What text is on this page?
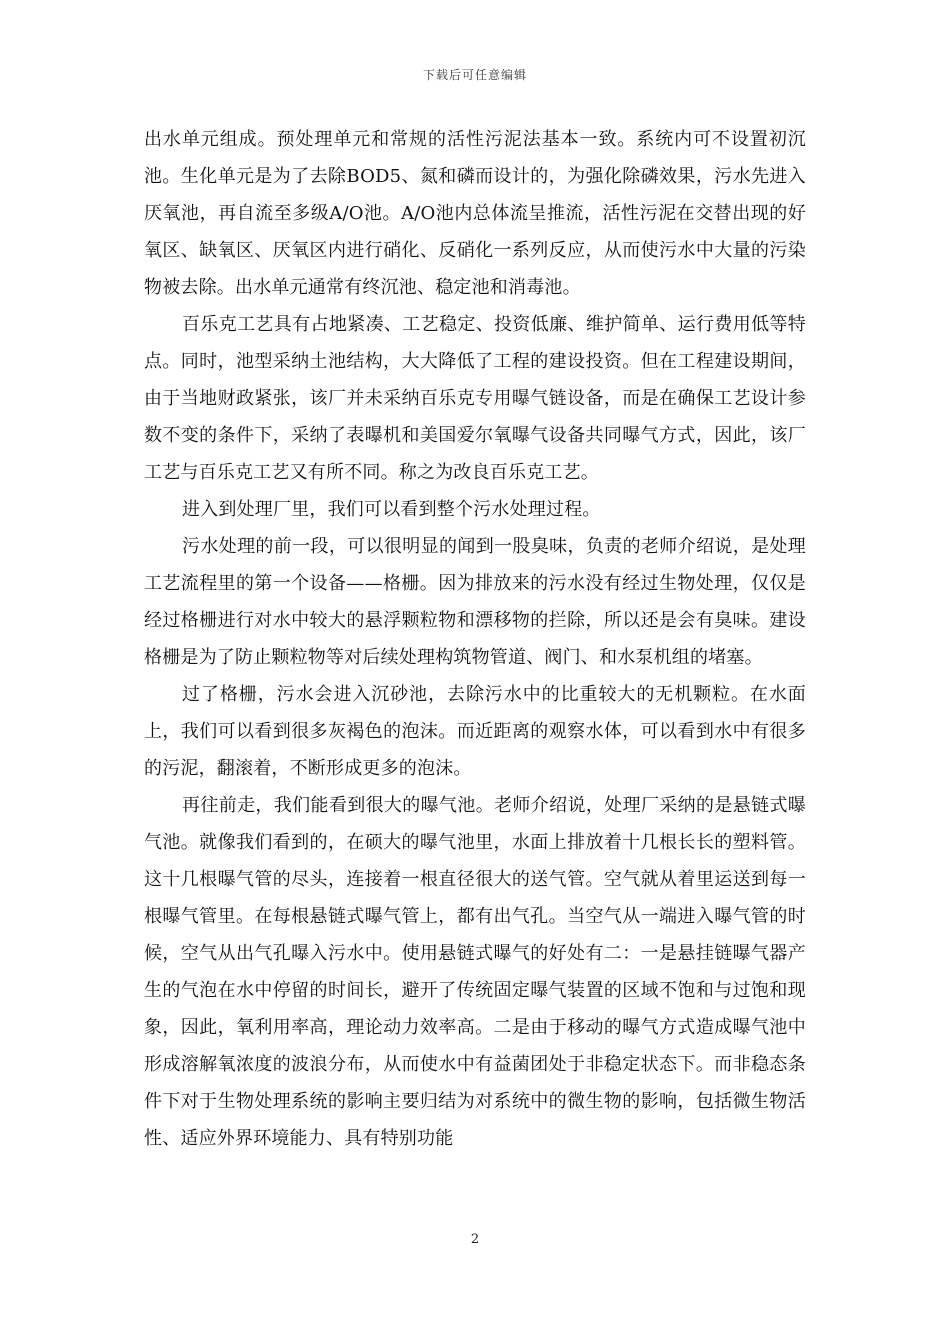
下载后可任意编辑

出水单元组成。预处理单元和常规的活性污泥法基本一致。系统内可不设置初沉池。生化单元是为了去除BOD5、氮和磷而设计的，为强化除磷效果，污水先进入厌氧池，再自流至多级A/O池。A/O池内总体流呈推流，活性污泥在交替出现的好氧区、缺氧区、厌氧区内进行硝化、反硝化一系列反应，从而使污水中大量的污染物被去除。出水单元通常有终沉池、稳定池和消毒池。

百乐克工艺具有占地紧凑、工艺稳定、投资低廉、维护简单、运行费用低等特点。同时，池型采纳土池结构，大大降低了工程的建设投资。但在工程建设期间，由于当地财政紧张，该厂并未采纳百乐克专用曝气链设备，而是在确保工艺设计参数不变的条件下，采纳了表曝机和美国爱尔氧曝气设备共同曝气方式，因此，该厂工艺与百乐克工艺又有所不同。称之为改良百乐克工艺。

进入到处理厂里，我们可以看到整个污水处理过程。

污水处理的前一段，可以很明显的闻到一股臭味，负责的老师介绍说，是处理工艺流程里的第一个设备——格栅。因为排放来的污水没有经过生物处理，仅仅是经过格栅进行对水中较大的悬浮颗粒物和漂移物的拦除，所以还是会有臭味。建设格栅是为了防止颗粒物等对后续处理构筑物管道、阀门、和水泵机组的堵塞。

过了格栅，污水会进入沉砂池，去除污水中的比重较大的无机颗粒。在水面上，我们可以看到很多灰褐色的泡沫。而近距离的观察水体，可以看到水中有很多的污泥，翻滚着，不断形成更多的泡沫。

再往前走，我们能看到很大的曝气池。老师介绍说，处理厂采纳的是悬链式曝气池。就像我们看到的，在硕大的曝气池里，水面上排放着十几根长长的塑料管。这十几根曝气管的尽头，连接着一根直径很大的送气管。空气就从着里运送到每一根曝气管里。在每根悬链式曝气管上，都有出气孔。当空气从一端进入曝气管的时候，空气从出气孔曝入污水中。使用悬链式曝气的好处有二：一是悬挂链曝气器产生的气泡在水中停留的时间长，避开了传统固定曝气装置的区域不饱和与过饱和现象，因此，氧利用率高，理论动力效率高。二是由于移动的曝气方式造成曝气池中形成溶解氧浓度的波浪分布，从而使水中有益菌团处于非稳定状态下。而非稳态条件下对于生物处理系统的影响主要归结为对系统中的微生物的影响，包括微生物活性、适应外界环境能力、具有特别功能

2
